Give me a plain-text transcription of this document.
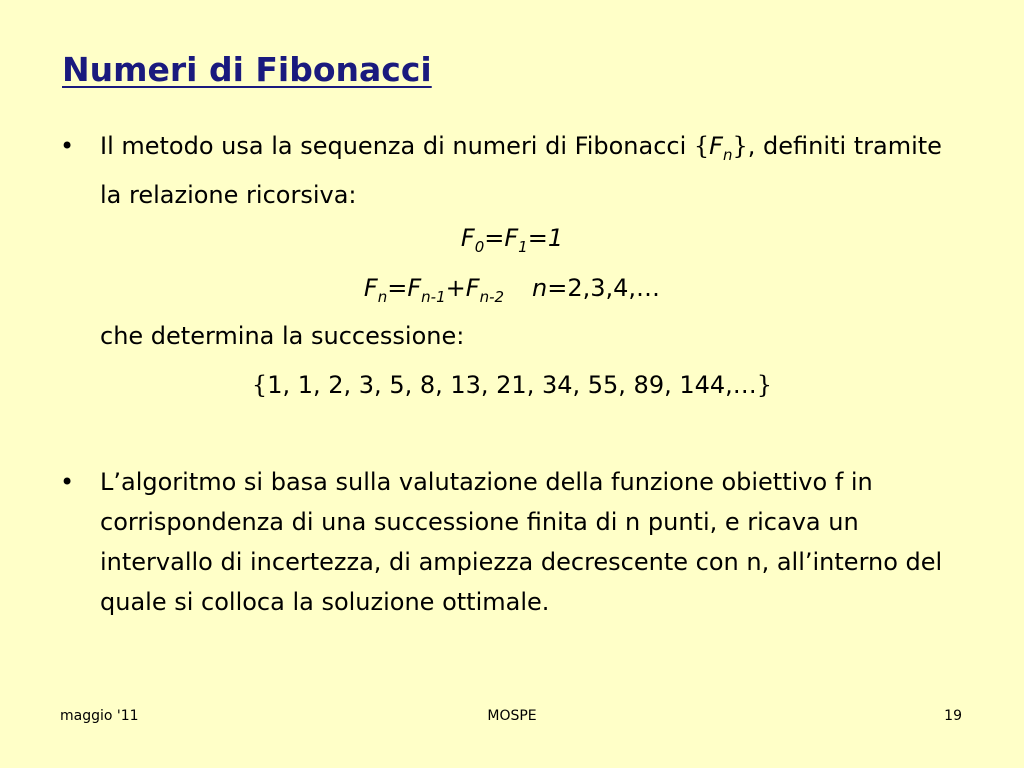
Numeri di Fibonacci
• Il metodo usa la sequenza di numeri di Fibonacci $\{F_n\}$, definiti tramite la relazione ricorsiva:
$F_0=F_1=1$
$F_n=F_{n-1}+F_{n-2}$ n=2,3,4,…
che determina la successione:
{1, 1, 2, 3, 5, 8, 13, 21, 34, 55, 89, 144,…}
• L’algoritmo si basa sulla valutazione della funzione obiettivo f in corrispondenza di una successione finita di n punti, e ricava un intervallo di incertezza, di ampiezza decrescente con n, all’interno del quale si colloca la soluzione ottimale.
maggio '11	MOSPE	19
